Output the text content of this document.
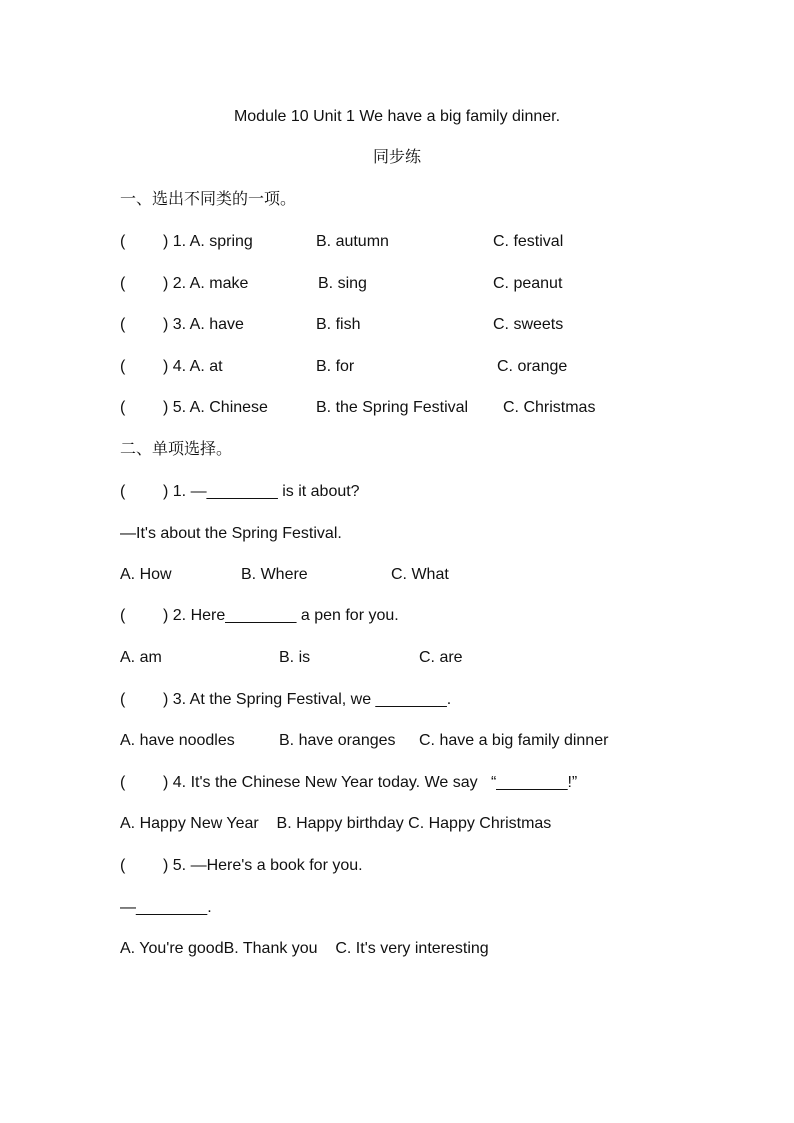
Module 10 Unit 1 We have a big family dinner.
同步练
一、选出不同类的一项。
( ) 1. A. spring	B. autumn	C. festival
( ) 2. A. make	B. sing	C. peanut
( ) 3. A. have	B. fish	C. sweets
( ) 4. A. at	B. for	C. orange
( ) 5. A. Chinese	B. the Spring Festival C. Christmas
二、单项选择。
( ) 1. —________ is it about?
—It's about the Spring Festival.
A. How	B. Where	C. What
( ) 2. Here________ a pen for you.
A. am	B. is	C. are
( ) 3. At the Spring Festival, we ________.
A. have noodles	B. have oranges C. have a big family dinner
( ) 4. It's the Chinese New Year today. We say   “________!”
A. Happy New Year    B. Happy birthday C. Happy Christmas
( ) 5. —Here's a book for you.
—________.
A. You're goodB. Thank you    C. It's very interesting
